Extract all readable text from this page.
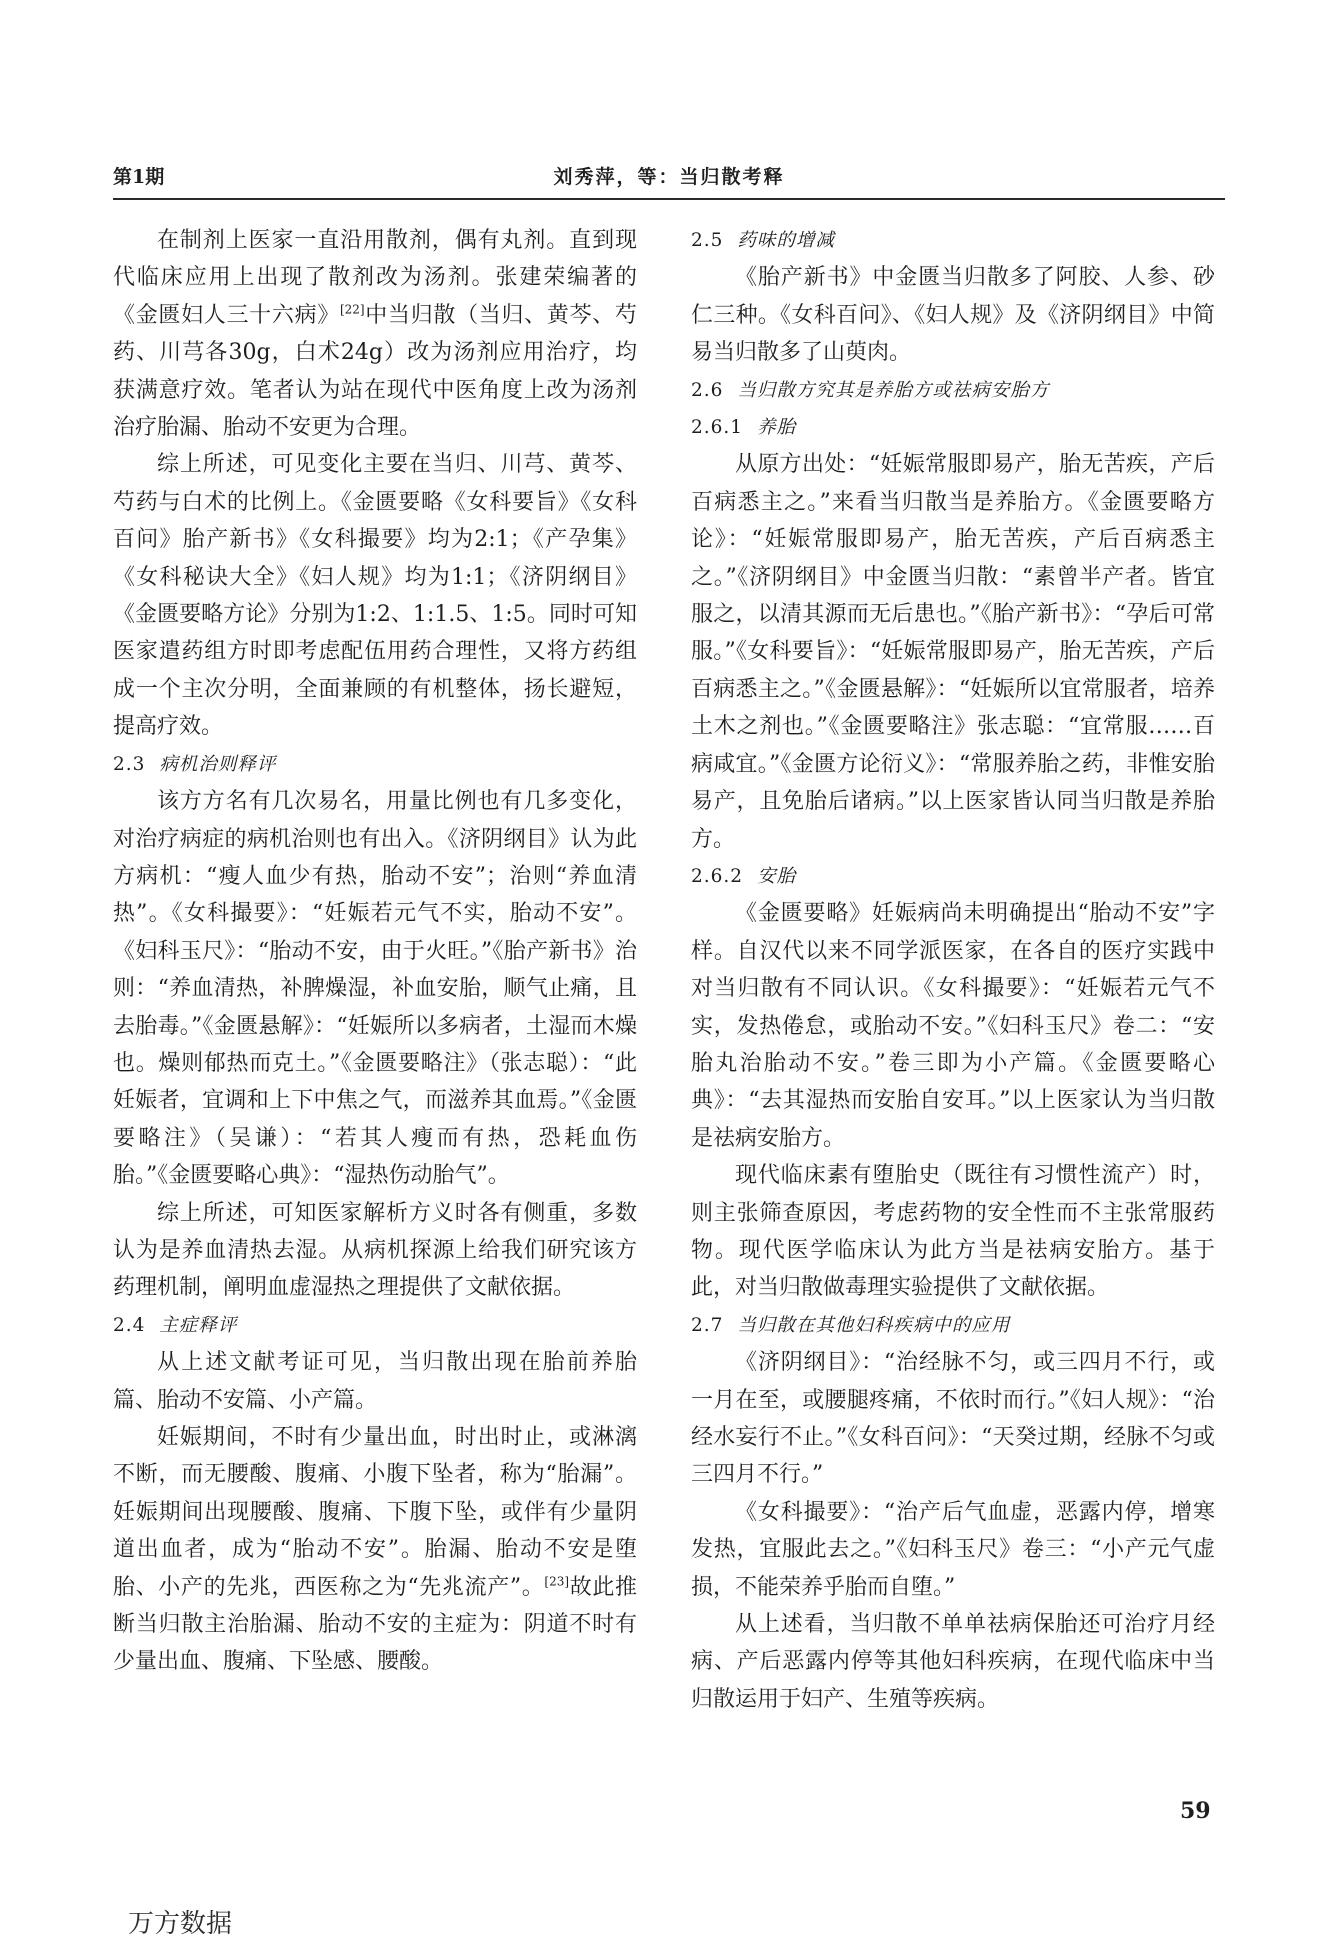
第1期	刘秀萍，等：当归散考释

在制剂上医家一直沿用散剂，偶有丸剂。直到现代临床应用上出现了散剂改为汤剂。张建荣编著的《金匮妇人三十六病》[22]中当归散（当归、黄芩、芍药、川芎各30g，白术24g）改为汤剂应用治疗，均获满意疗效。笔者认为站在现代中医角度上改为汤剂治疗胎漏、胎动不安更为合理。

综上所述，可见变化主要在当归、川芎、黄芩、芍药与白术的比例上。《金匮要略《女科要旨》《女科百问》胎产新书》《女科撮要》均为2:1；《产孕集》《女科秘诀大全》《妇人规》均为1:1；《济阴纲目》《金匮要略方论》分别为1:2、1:1.5、1:5。同时可知医家遣药组方时即考虑配伍用药合理性，又将方药组成一个主次分明，全面兼顾的有机整体，扬长避短，提高疗效。

2.3 病机治则释评

该方方名有几次易名，用量比例也有几多变化，对治疗病症的病机治则也有出入。《济阴纲目》认为此方病机：“瘦人血少有热，胎动不安”；治则“养血清热”。《女科撮要》：“妊娠若元气不实，胎动不安”。《妇科玉尺》：“胎动不安，由于火旺。”《胎产新书》治则：“养血清热，补脾燥湿，补血安胎，顺气止痛，且去胎毒。”《金匮悬解》：“妊娠所以多病者，土湿而木燥也。燥则郁热而克土。”《金匮要略注》（张志聪）：“此妊娠者，宜调和上下中焦之气，而滋养其血焉。”《金匮要略注》（吴谦）：“若其人瘦而有热，恐耗血伤胎。”《金匮要略心典》：“湿热伤动胎气”。

综上所述，可知医家解析方义时各有侧重，多数认为是养血清热去湿。从病机探源上给我们研究该方药理机制，阐明血虚湿热之理提供了文献依据。

2.4 主症释评

从上述文献考证可见，当归散出现在胎前养胎篇、胎动不安篇、小产篇。

妊娠期间，不时有少量出血，时出时止，或淋漓不断，而无腰酸、腹痛、小腹下坠者，称为“胎漏”。妊娠期间出现腰酸、腹痛、下腹下坠，或伴有少量阴道出血者，成为“胎动不安”。胎漏、胎动不安是堕胎、小产的先兆，西医称之为“先兆流产”。[23]故此推断当归散主治胎漏、胎动不安的主症为：阴道不时有少量出血、腹痛、下坠感、腰酸。

2.5 药味的增减

《胎产新书》中金匮当归散多了阿胶、人参、砂仁三种。《女科百问》、《妇人规》及《济阴纲目》中简易当归散多了山萸肉。

2.6 当归散方究其是养胎方或祛病安胎方
2.6.1 养胎

从原方出处：“妊娠常服即易产，胎无苦疾，产后百病悉主之。”来看当归散当是养胎方。《金匮要略方论》：“妊娠常服即易产，胎无苦疾，产后百病悉主之。”《济阴纲目》中金匮当归散：“素曾半产者。皆宜服之，以清其源而无后患也。”《胎产新书》：“孕后可常服。”《女科要旨》：“妊娠常服即易产，胎无苦疾，产后百病悉主之。”《金匮悬解》：“妊娠所以宜常服者，培养土木之剂也。”《金匮要略注》张志聪：“宜常服……百病咸宜。”《金匮方论衍义》：“常服养胎之药，非惟安胎易产，且免胎后诸病。”以上医家皆认同当归散是养胎方。

2.6.2 安胎

《金匮要略》妊娠病尚未明确提出“胎动不安”字样。自汉代以来不同学派医家，在各自的医疗实践中对当归散有不同认识。《女科撮要》：“妊娠若元气不实，发热倦怠，或胎动不安。”《妇科玉尺》卷二：“安胎丸治胎动不安。”卷三即为小产篇。《金匮要略心典》：“去其湿热而安胎自安耳。”以上医家认为当归散是祛病安胎方。

现代临床素有堕胎史（既往有习惯性流产）时，则主张筛查原因，考虑药物的安全性而不主张常服药物。现代医学临床认为此方当是祛病安胎方。基于此，对当归散做毒理实验提供了文献依据。

2.7 当归散在其他妇科疾病中的应用

《济阴纲目》：“治经脉不匀，或三四月不行，或一月在至，或腰腿疼痛，不依时而行。”《妇人规》：“治经水妄行不止。”《女科百问》：“天癸过期，经脉不匀或三四月不行。”

《女科撮要》：“治产后气血虚，恶露内停，增寒发热，宜服此去之。”《妇科玉尺》卷三：“小产元气虚损，不能荣养乎胎而自堕。”

从上述看，当归散不单单祛病保胎还可治疗月经病、产后恶露内停等其他妇科疾病，在现代临床中当归散运用于妇产、生殖等疾病。

59
万方数据
